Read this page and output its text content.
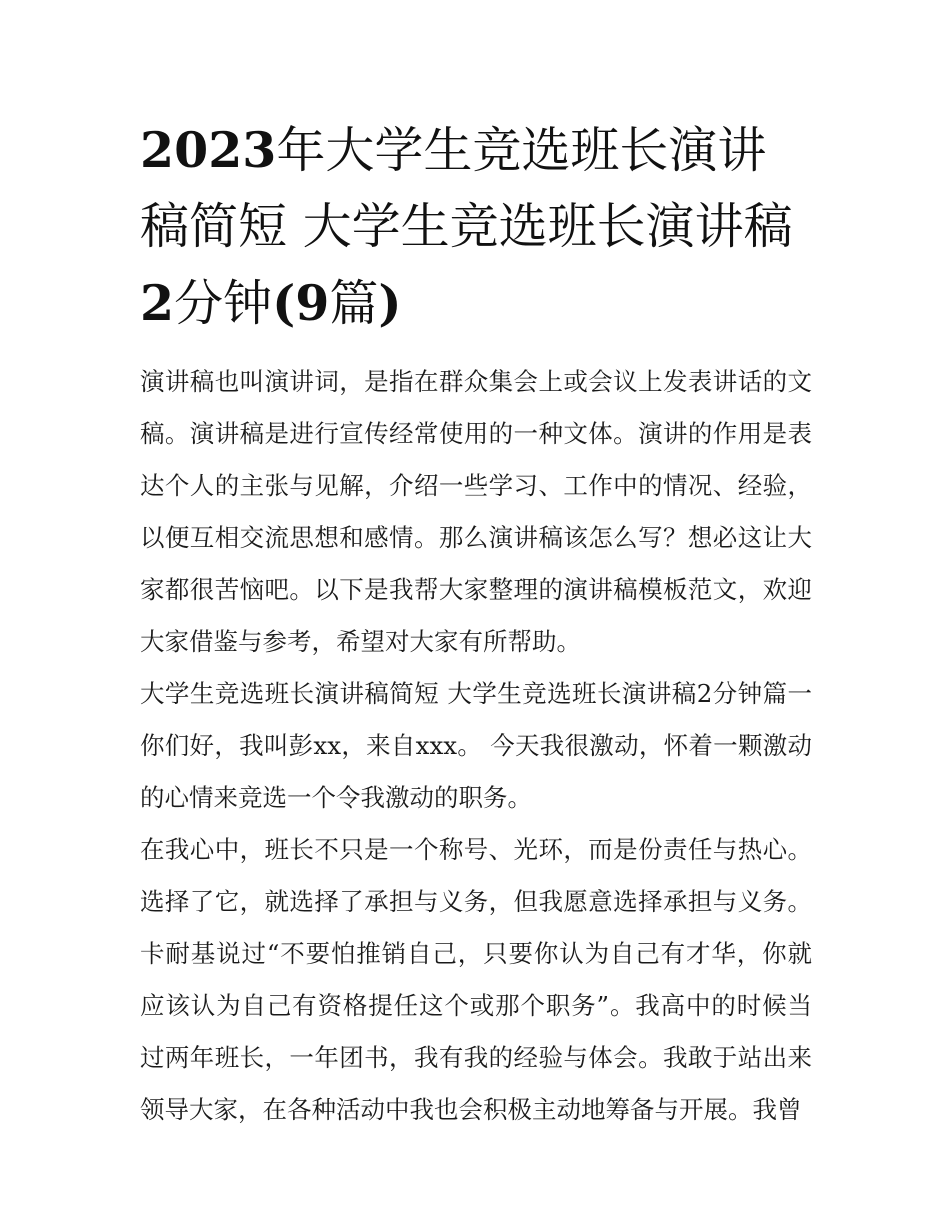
2023年大学生竞选班长演讲稿简短 大学生竞选班长演讲稿2分钟(9篇)

演讲稿也叫演讲词，是指在群众集会上或会议上发表讲话的文稿。演讲稿是进行宣传经常使用的一种文体。演讲的作用是表达个人的主张与见解，介绍一些学习、工作中的情况、经验，以便互相交流思想和感情。那么演讲稿该怎么写？想必这让大家都很苦恼吧。以下是我帮大家整理的演讲稿模板范文，欢迎大家借鉴与参考，希望对大家有所帮助。

大学生竞选班长演讲稿简短 大学生竞选班长演讲稿2分钟篇一 你们好，我叫彭xx，来自xxx。 今天我很激动，怀着一颗激动的心情来竞选一个令我激动的职务。

在我心中，班长不只是一个称号、光环，而是份责任与热心。选择了它，就选择了承担与义务，但我愿意选择承担与义务。卡耐基说过“不要怕推销自己，只要你认为自己有才华，你就应该认为自己有资格提任这个或那个职务”。我高中的时候当过两年班长，一年团书，我有我的经验与体会。我敢于站出来领导大家，在各种活动中我也会积极主动地筹备与开展。我曾
